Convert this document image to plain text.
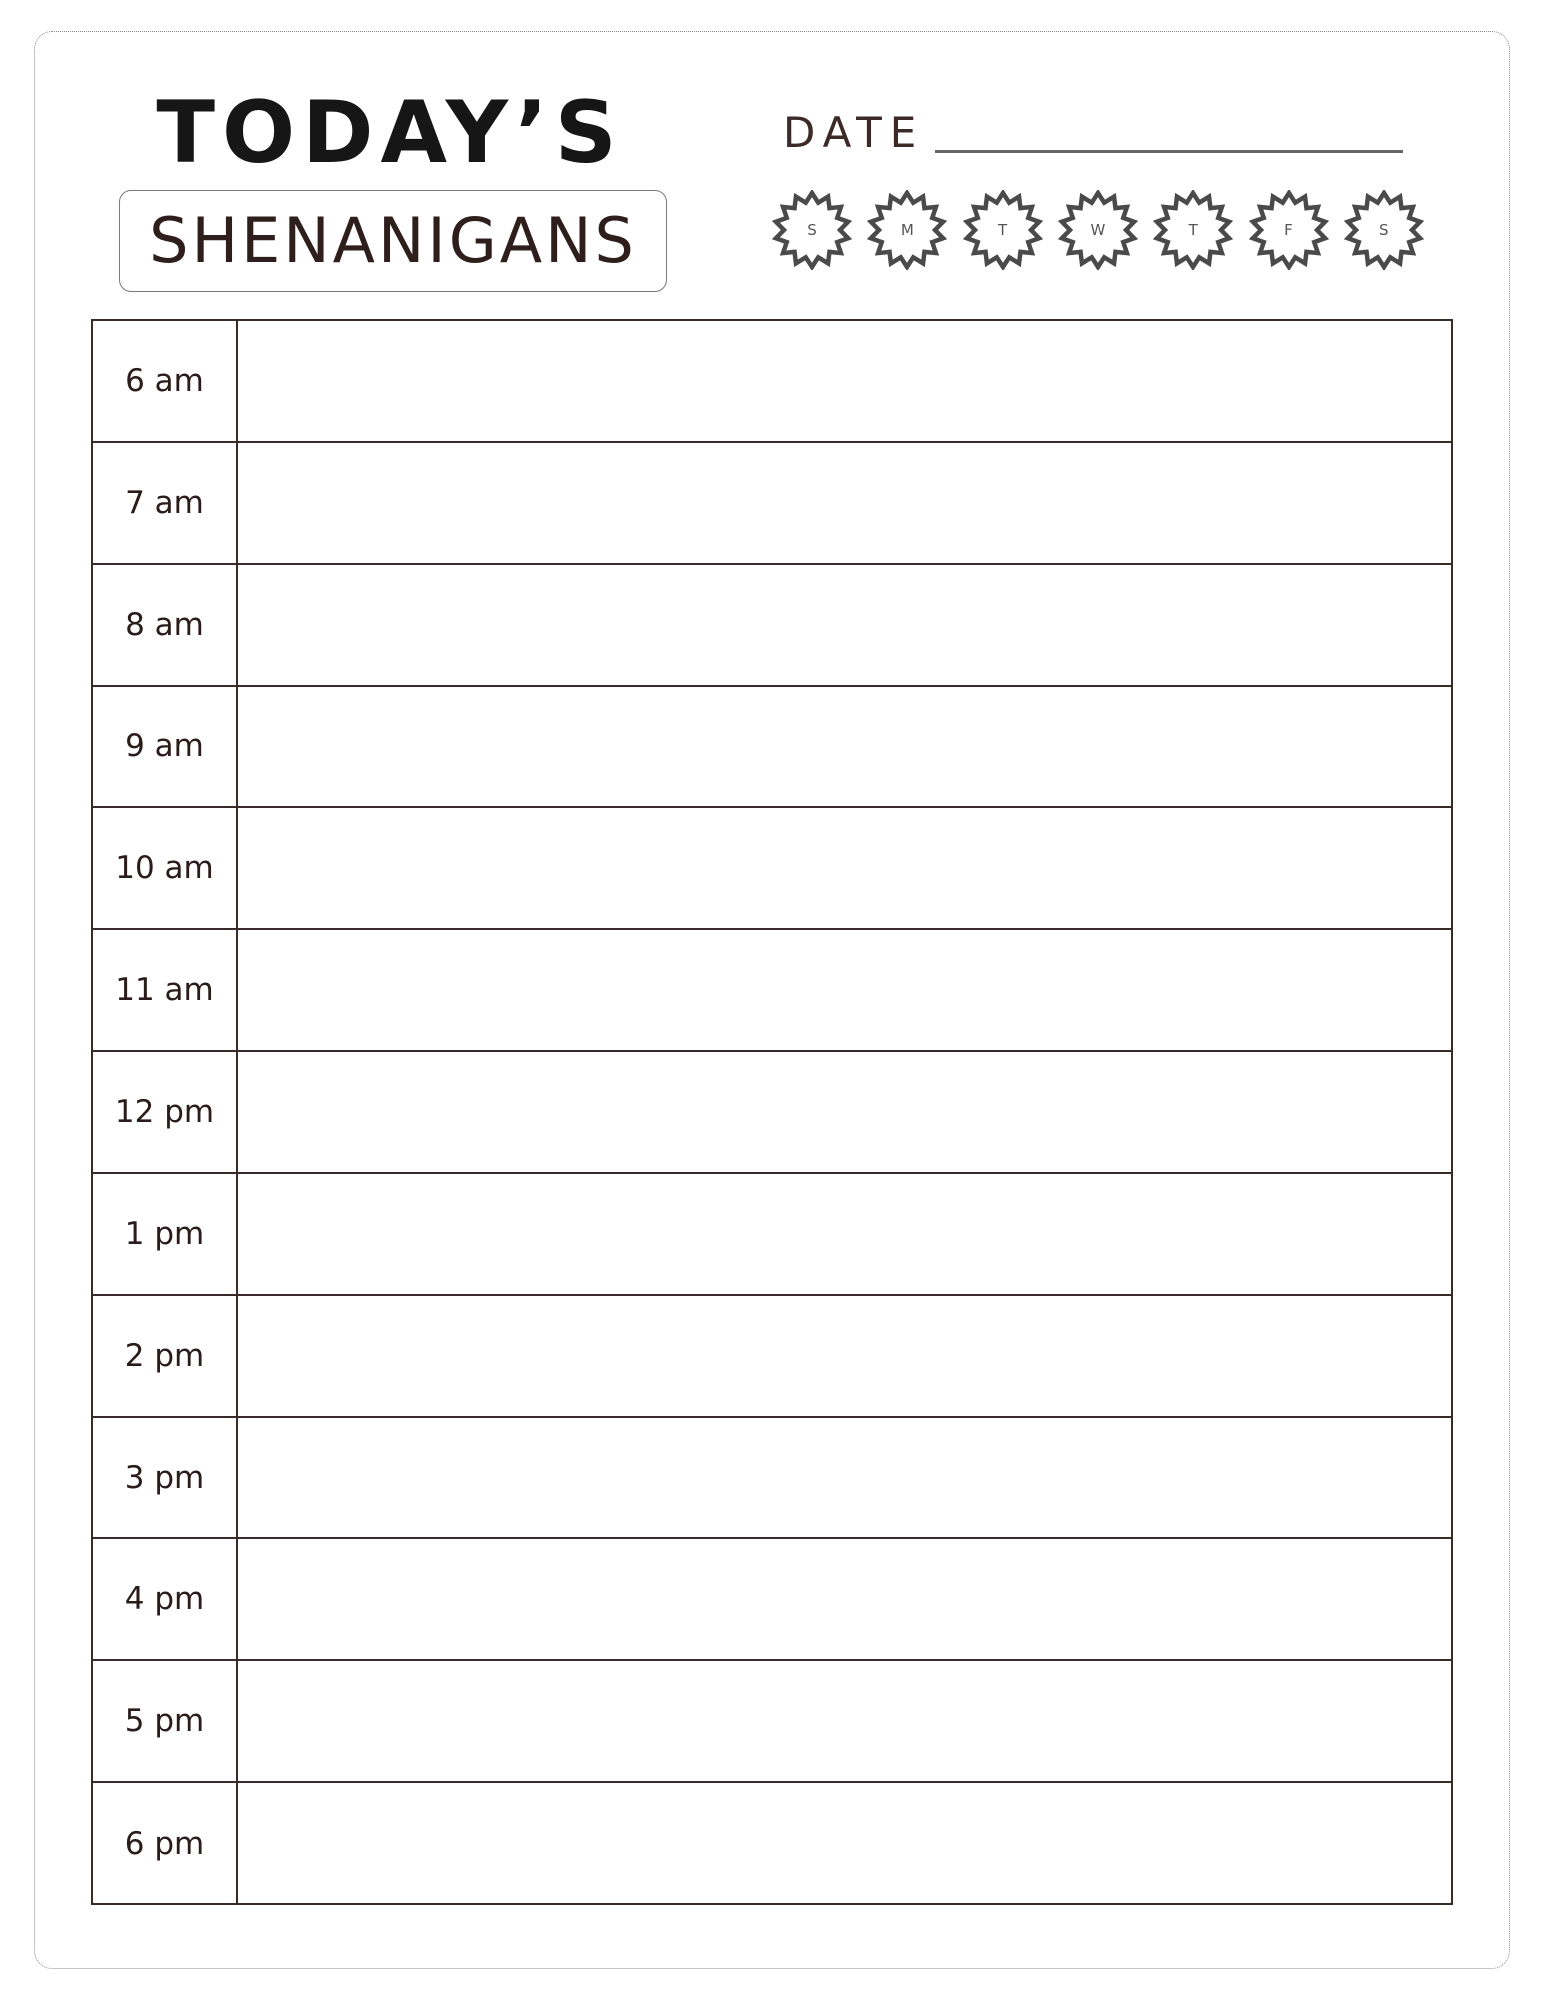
TODAY’S
SHENANIGANS
DATE
S	M	T	W	T	F	S
6 am
7 am
8 am
9 am
10 am
11 am
12 pm
1 pm
2 pm
3 pm
4 pm
5 pm
6 pm
